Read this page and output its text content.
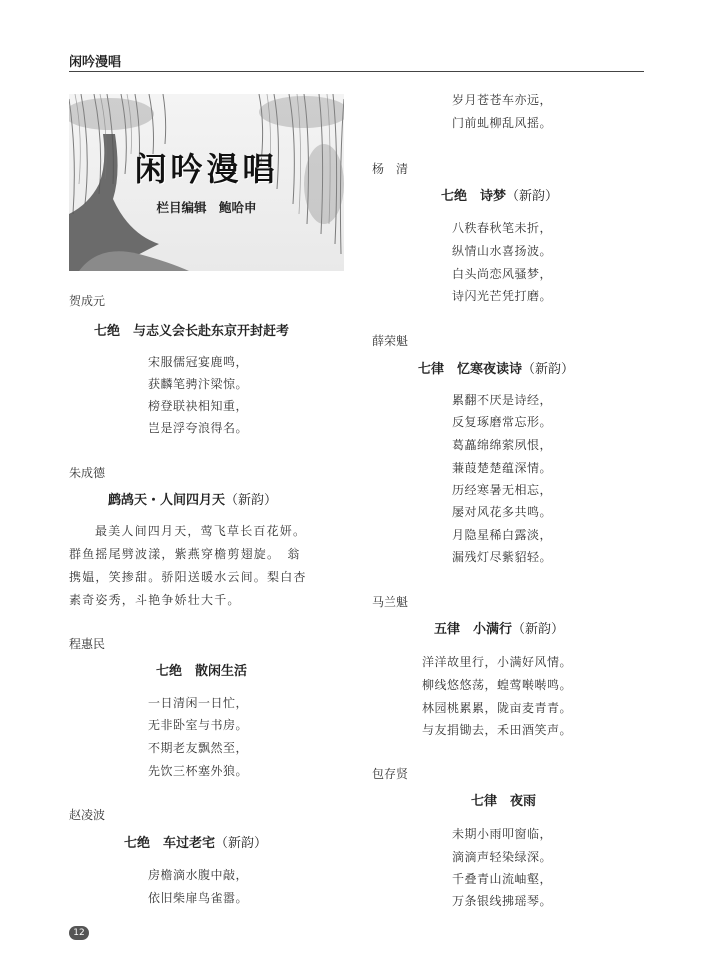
闲吟漫唱
闲吟漫唱
栏目编辑　鲍哈申
贺成元
七绝　与志义会长赴东京开封赶考
宋服儒冠宴鹿鸣，
获麟笔骋汴梁惊。
榜登联袂相知重，
岂是浮夸浪得名。
朱成德
鹧鸪天・人间四月天（新韵）
最美人间四月天，莺飞草长百花妍。
群鱼摇尾劈波漾，紫燕穿檐剪翅旋。　翁
携媪，笑掺甜。骄阳送暖水云间。梨白杏
素奇姿秀，斗艳争娇壮大千。
程惠民
七绝　散闲生活
一日清闲一日忙，
无非卧室与书房。
不期老友飘然至，
先饮三杯塞外狼。
赵凌波
七绝　车过老宅（新韵）
房檐滴水腹中敲，
依旧柴扉鸟雀嚣。
岁月苍苍车亦远，
门前虬柳乱风摇。
杨　清
七绝　诗梦（新韵）
八秩春秋笔未折，
纵情山水喜扬波。
白头尚恋风骚梦，
诗闪光芒凭打磨。
薛荣魁
七律　忆寒夜读诗（新韵）
累翻不厌是诗经，
反复琢磨常忘形。
葛藟绵绵萦夙恨，
蒹葭楚楚蕴深情。
历经寒暑无相忘，
屡对风花多共鸣。
月隐星稀白露淡，
漏残灯尽紫貂轻。
马兰魁
五律　小满行（新韵）
洋洋故里行，小满好风情。
柳线悠悠荡，蝗莺啭啭鸣。
林园桃累累，陇亩麦青青。
与友捐锄去，禾田酒笑声。
包存贤
七律　夜雨
未期小雨叩窗临，
滴滴声轻染绿深。
千叠青山流岫壑，
万条银线拂瑶琴。
12
